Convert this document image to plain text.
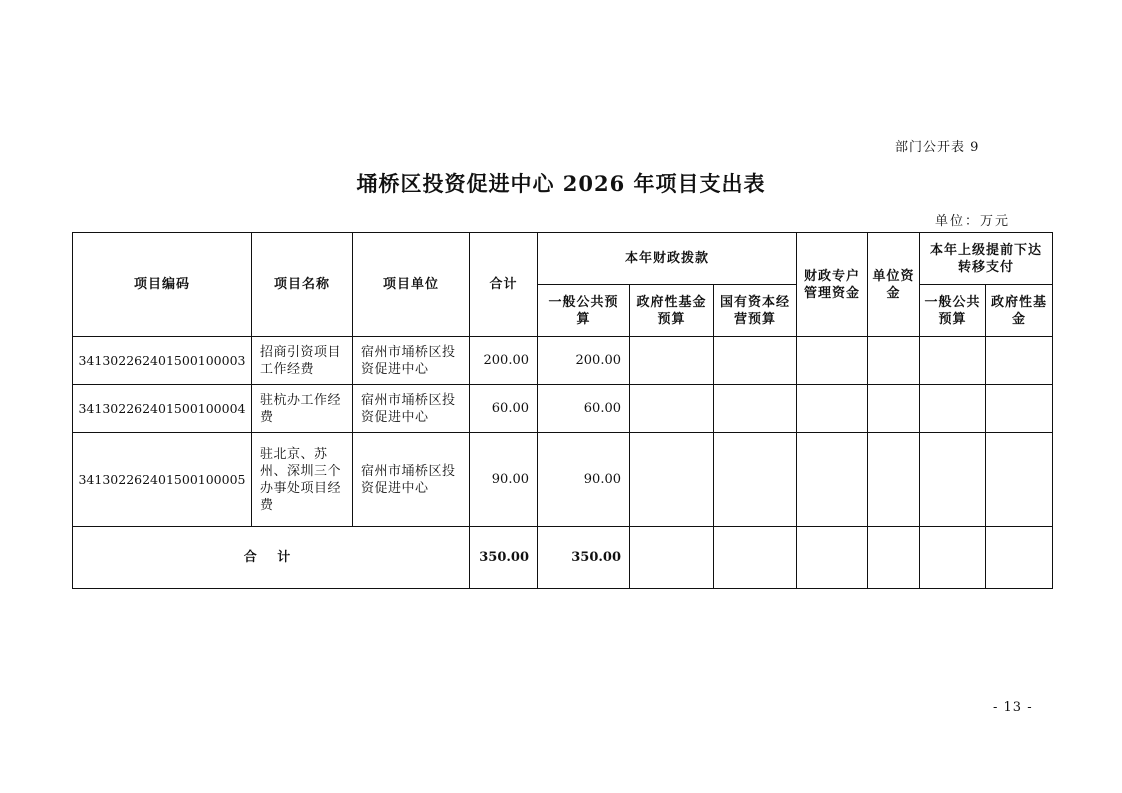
部门公开表 9
埇桥区投资促进中心 2026 年项目支出表
单位：万元
项目编码	项目名称	项目单位	合计	本年财政拨款			财政专户管理资金	单位资金	本年上级提前下达转移支付	
				一般公共预算	政府性基金预算	国有资本经营预算			一般公共预算	政府性基金
341302262401500100003	招商引资项目工作经费	宿州市埇桥区投资促进中心	200.00	200.00						
341302262401500100004	驻杭办工作经费	宿州市埇桥区投资促进中心	60.00	60.00						
341302262401500100005	驻北京、苏州、深圳三个办事处项目经费	宿州市埇桥区投资促进中心	90.00	90.00						
合 计			350.00	350.00						
- 13 -
